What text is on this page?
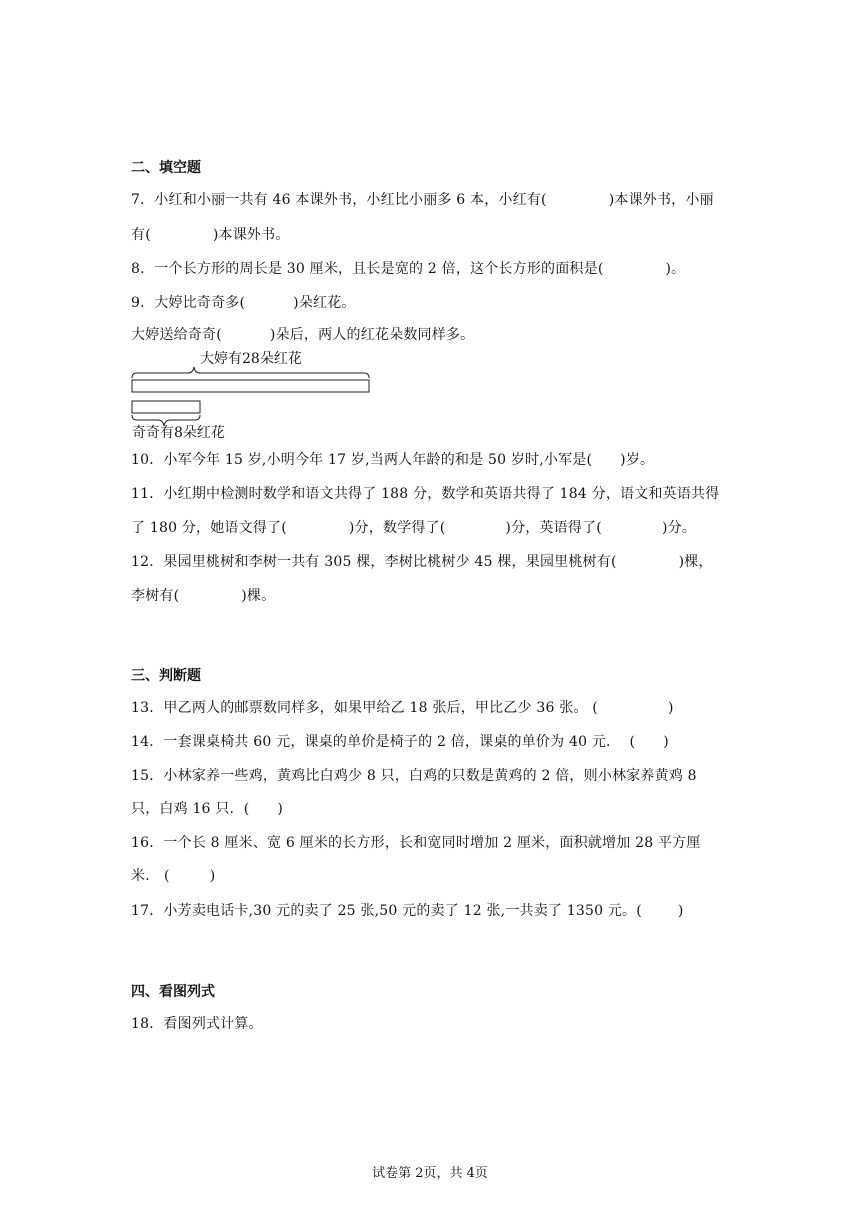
二、填空题
7．小红和小丽一共有 46 本课外书，小红比小丽多 6 本，小红有(	)本课外书，小丽
有(	)本课外书。
8．一个长方形的周长是 30 厘米，且长是宽的 2 倍，这个长方形的面积是(	)。
9．大婷比奇奇多(	)朵红花。
大婷送给奇奇(	)朵后，两人的红花朵数同样多。
大婷有28朵红花
奇奇有8朵红花
10．小军今年 15 岁,小明今年 17 岁,当两人年龄的和是 50 岁时,小军是( )岁。
11．小红期中检测时数学和语文共得了 188 分，数学和英语共得了 184 分，语文和英语共得
了 180 分，她语文得了(	)分，数学得了(	)分，英语得了(	)分。
12．果园里桃树和李树一共有 305 棵，李树比桃树少 45 棵，果园里桃树有(	)棵，
李树有(	)棵。
三、判断题
13．甲乙两人的邮票数同样多，如果甲给乙 18 张后，甲比乙少 36 张。 (	)
14．一套课桌椅共 60 元，课桌的单价是椅子的 2 倍，课桌的单价为 40 元．  ( )
15．小林家养一些鸡，黄鸡比白鸡少 8 只，白鸡的只数是黄鸡的 2 倍，则小林家养黄鸡 8
只，白鸡 16 只．( )
16．一个长 8 厘米、宽 6 厘米的长方形，长和宽同时增加 2 厘米，面积就增加 28 平方厘
米． (	)
17．小芳卖电话卡,30 元的卖了 25 张,50 元的卖了 12 张,一共卖了 1350 元。(	)
四、看图列式
18．看图列式计算。
试卷第 2页，共 4页
